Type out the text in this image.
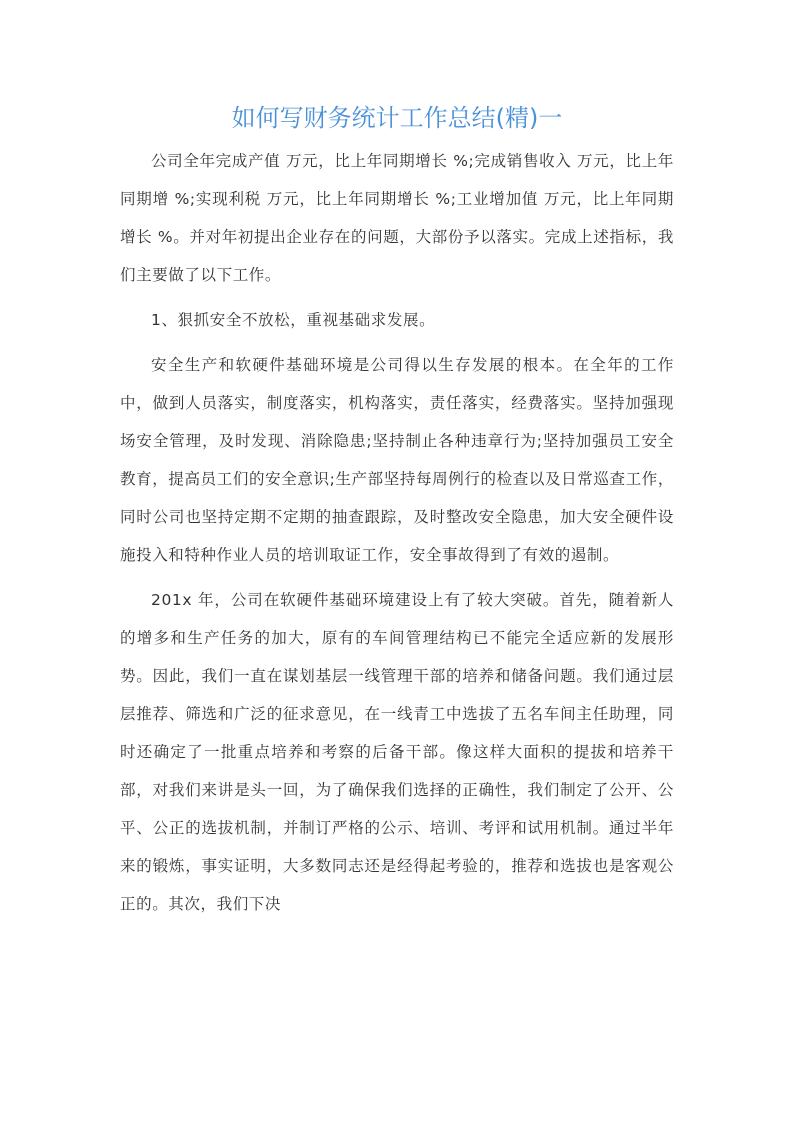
如何写财务统计工作总结(精)一

公司全年完成产值 万元，比上年同期增长 %;完成销售收入 万元，比上年同期增 %;实现利税 万元，比上年同期增长 %;工业增加值 万元，比上年同期增长 %。并对年初提出企业存在的问题，大部份予以落实。完成上述指标，我们主要做了以下工作。

1、狠抓安全不放松，重视基础求发展。

安全生产和软硬件基础环境是公司得以生存发展的根本。在全年的工作中，做到人员落实，制度落实，机构落实，责任落实，经费落实。坚持加强现场安全管理，及时发现、消除隐患;坚持制止各种违章行为;坚持加强员工安全教育，提高员工们的安全意识;生产部坚持每周例行的检查以及日常巡查工作，同时公司也坚持定期不定期的抽查跟踪，及时整改安全隐患，加大安全硬件设施投入和特种作业人员的培训取证工作，安全事故得到了有效的遏制。

201x 年，公司在软硬件基础环境建设上有了较大突破。首先，随着新人的增多和生产任务的加大，原有的车间管理结构已不能完全适应新的发展形势。因此，我们一直在谋划基层一线管理干部的培养和储备问题。我们通过层层推荐、筛选和广泛的征求意见，在一线青工中选拔了五名车间主任助理，同时还确定了一批重点培养和考察的后备干部。像这样大面积的提拔和培养干部，对我们来讲是头一回，为了确保我们选择的正确性，我们制定了公开、公平、公正的选拔机制，并制订严格的公示、培训、考评和试用机制。通过半年来的锻炼，事实证明，大多数同志还是经得起考验的，推荐和选拔也是客观公正的。其次，我们下决
